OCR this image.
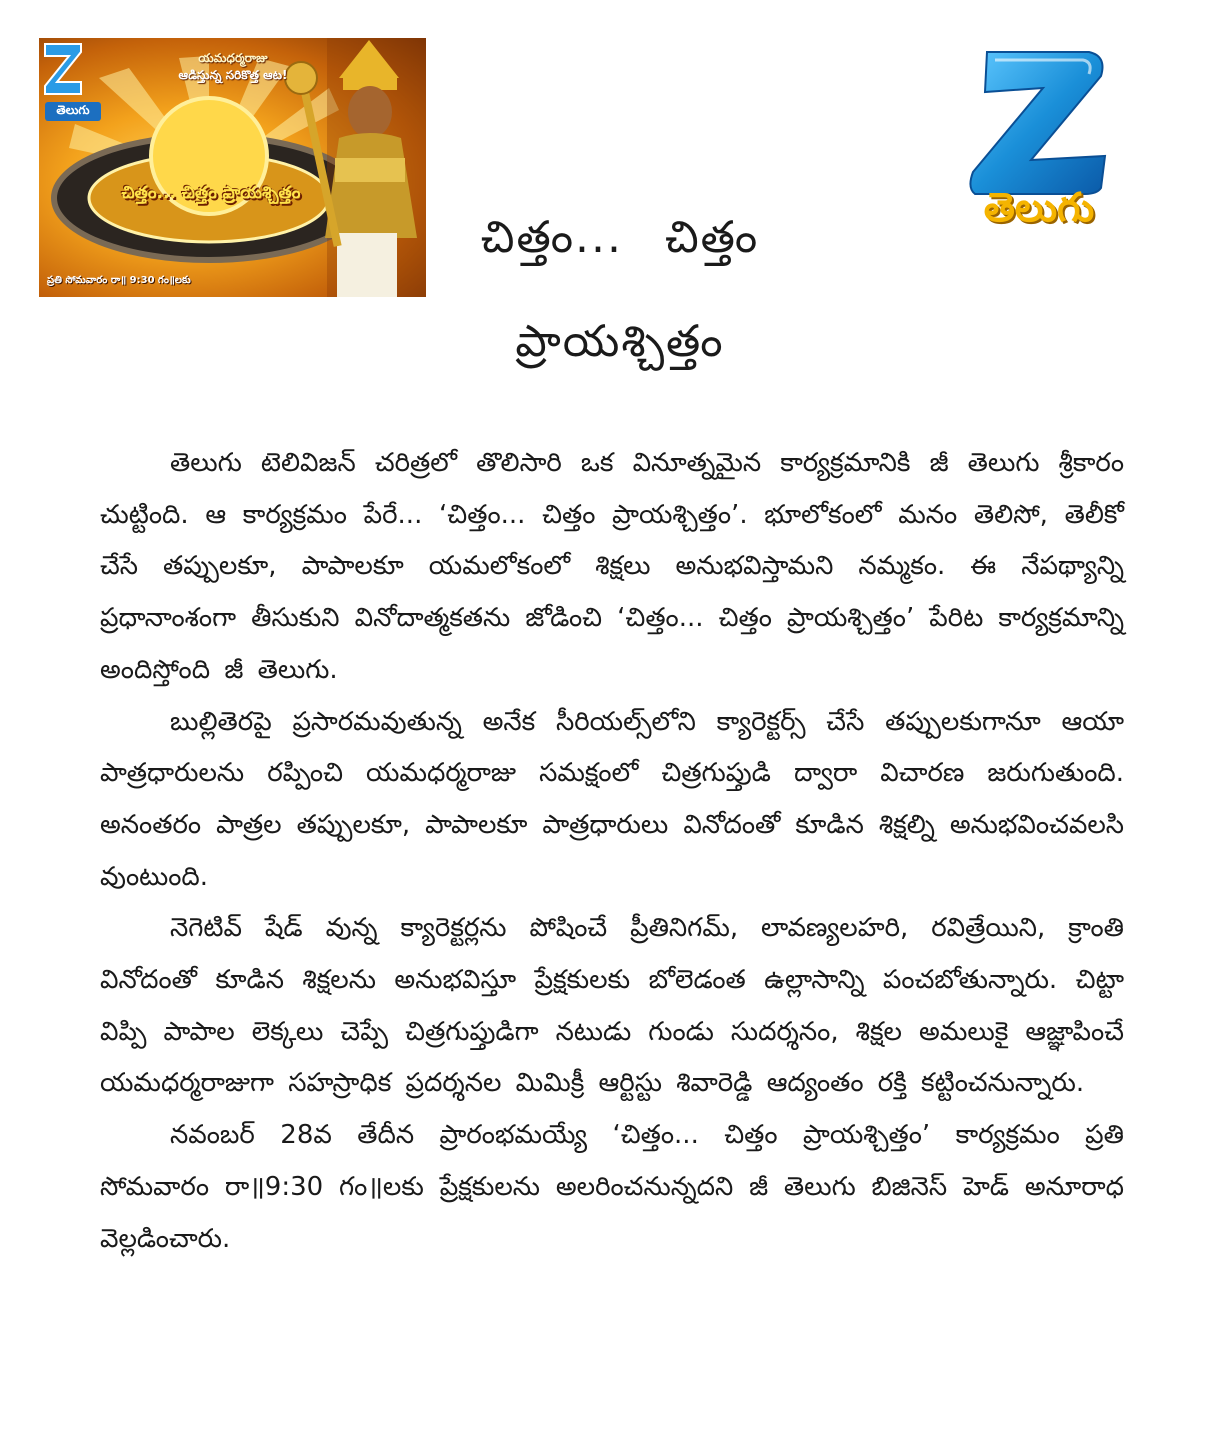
తెలుగు
యమధర్మరాజు
ఆడిస్తున్న సరికొత్త ఆట!
చిత్తం... చిత్తం ప్రాయశ్చిత్తం
ప్రతి సోమవారం రా॥ 9:30 గం॥లకు
తెలుగు
చిత్తం... చిత్తం
ప్రాయశ్చిత్తం

తెలుగు టెలివిజన్ చరిత్రలో తొలిసారి ఒక వినూత్నమైన కార్యక్రమానికి జీ తెలుగు శ్రీకారం చుట్టింది. ఆ కార్యక్రమం పేరే... ‘చిత్తం... చిత్తం ప్రాయశ్చిత్తం’. భూలోకంలో మనం తెలిసో, తెలీకో చేసే తప్పులకూ, పాపాలకూ యమలోకంలో శిక్షలు అనుభవిస్తామని నమ్మకం. ఈ నేపథ్యాన్ని ప్రధానాంశంగా తీసుకుని వినోదాత్మకతను జోడించి ‘చిత్తం... చిత్తం ప్రాయశ్చిత్తం’ పేరిట కార్యక్రమాన్ని అందిస్తోంది జీ తెలుగు.

బుల్లితెరపై ప్రసారమవుతున్న అనేక సీరియల్స్‌లోని క్యారెక్టర్స్ చేసే తప్పులకుగానూ ఆయా పాత్రధారులను రప్పించి యమధర్మరాజు సమక్షంలో చిత్రగుప్తుడి ద్వారా విచారణ జరుగుతుంది. అనంతరం పాత్రల తప్పులకూ, పాపాలకూ పాత్రధారులు వినోదంతో కూడిన శిక్షల్ని అనుభవించవలసి వుంటుంది.

నెగెటివ్ షేడ్ వున్న క్యారెక్టర్లను పోషించే ప్రీతినిగమ్, లావణ్యలహరి, రవిత్రేయిని, క్రాంతి వినోదంతో కూడిన శిక్షలను అనుభవిస్తూ ప్రేక్షకులకు బోలెడంత ఉల్లాసాన్ని పంచబోతున్నారు. చిట్టా విప్పి పాపాల లెక్కలు చెప్పే చిత్రగుప్తుడిగా నటుడు గుండు సుదర్శనం, శిక్షల అమలుకై ఆజ్ఞాపించే యమధర్మరాజుగా సహస్రాధిక ప్రదర్శనల మిమిక్రీ ఆర్టిస్టు శివారెడ్డి ఆద్యంతం రక్తి కట్టించనున్నారు.

నవంబర్ 28వ తేదీన ప్రారంభమయ్యే ‘చిత్తం... చిత్తం ప్రాయశ్చిత్తం’ కార్యక్రమం ప్రతి సోమవారం రా॥9:30 గం॥లకు ప్రేక్షకులను అలరించనున్నదని జీ తెలుగు బిజినెస్ హెడ్ అనూరాధ వెల్లడించారు.
